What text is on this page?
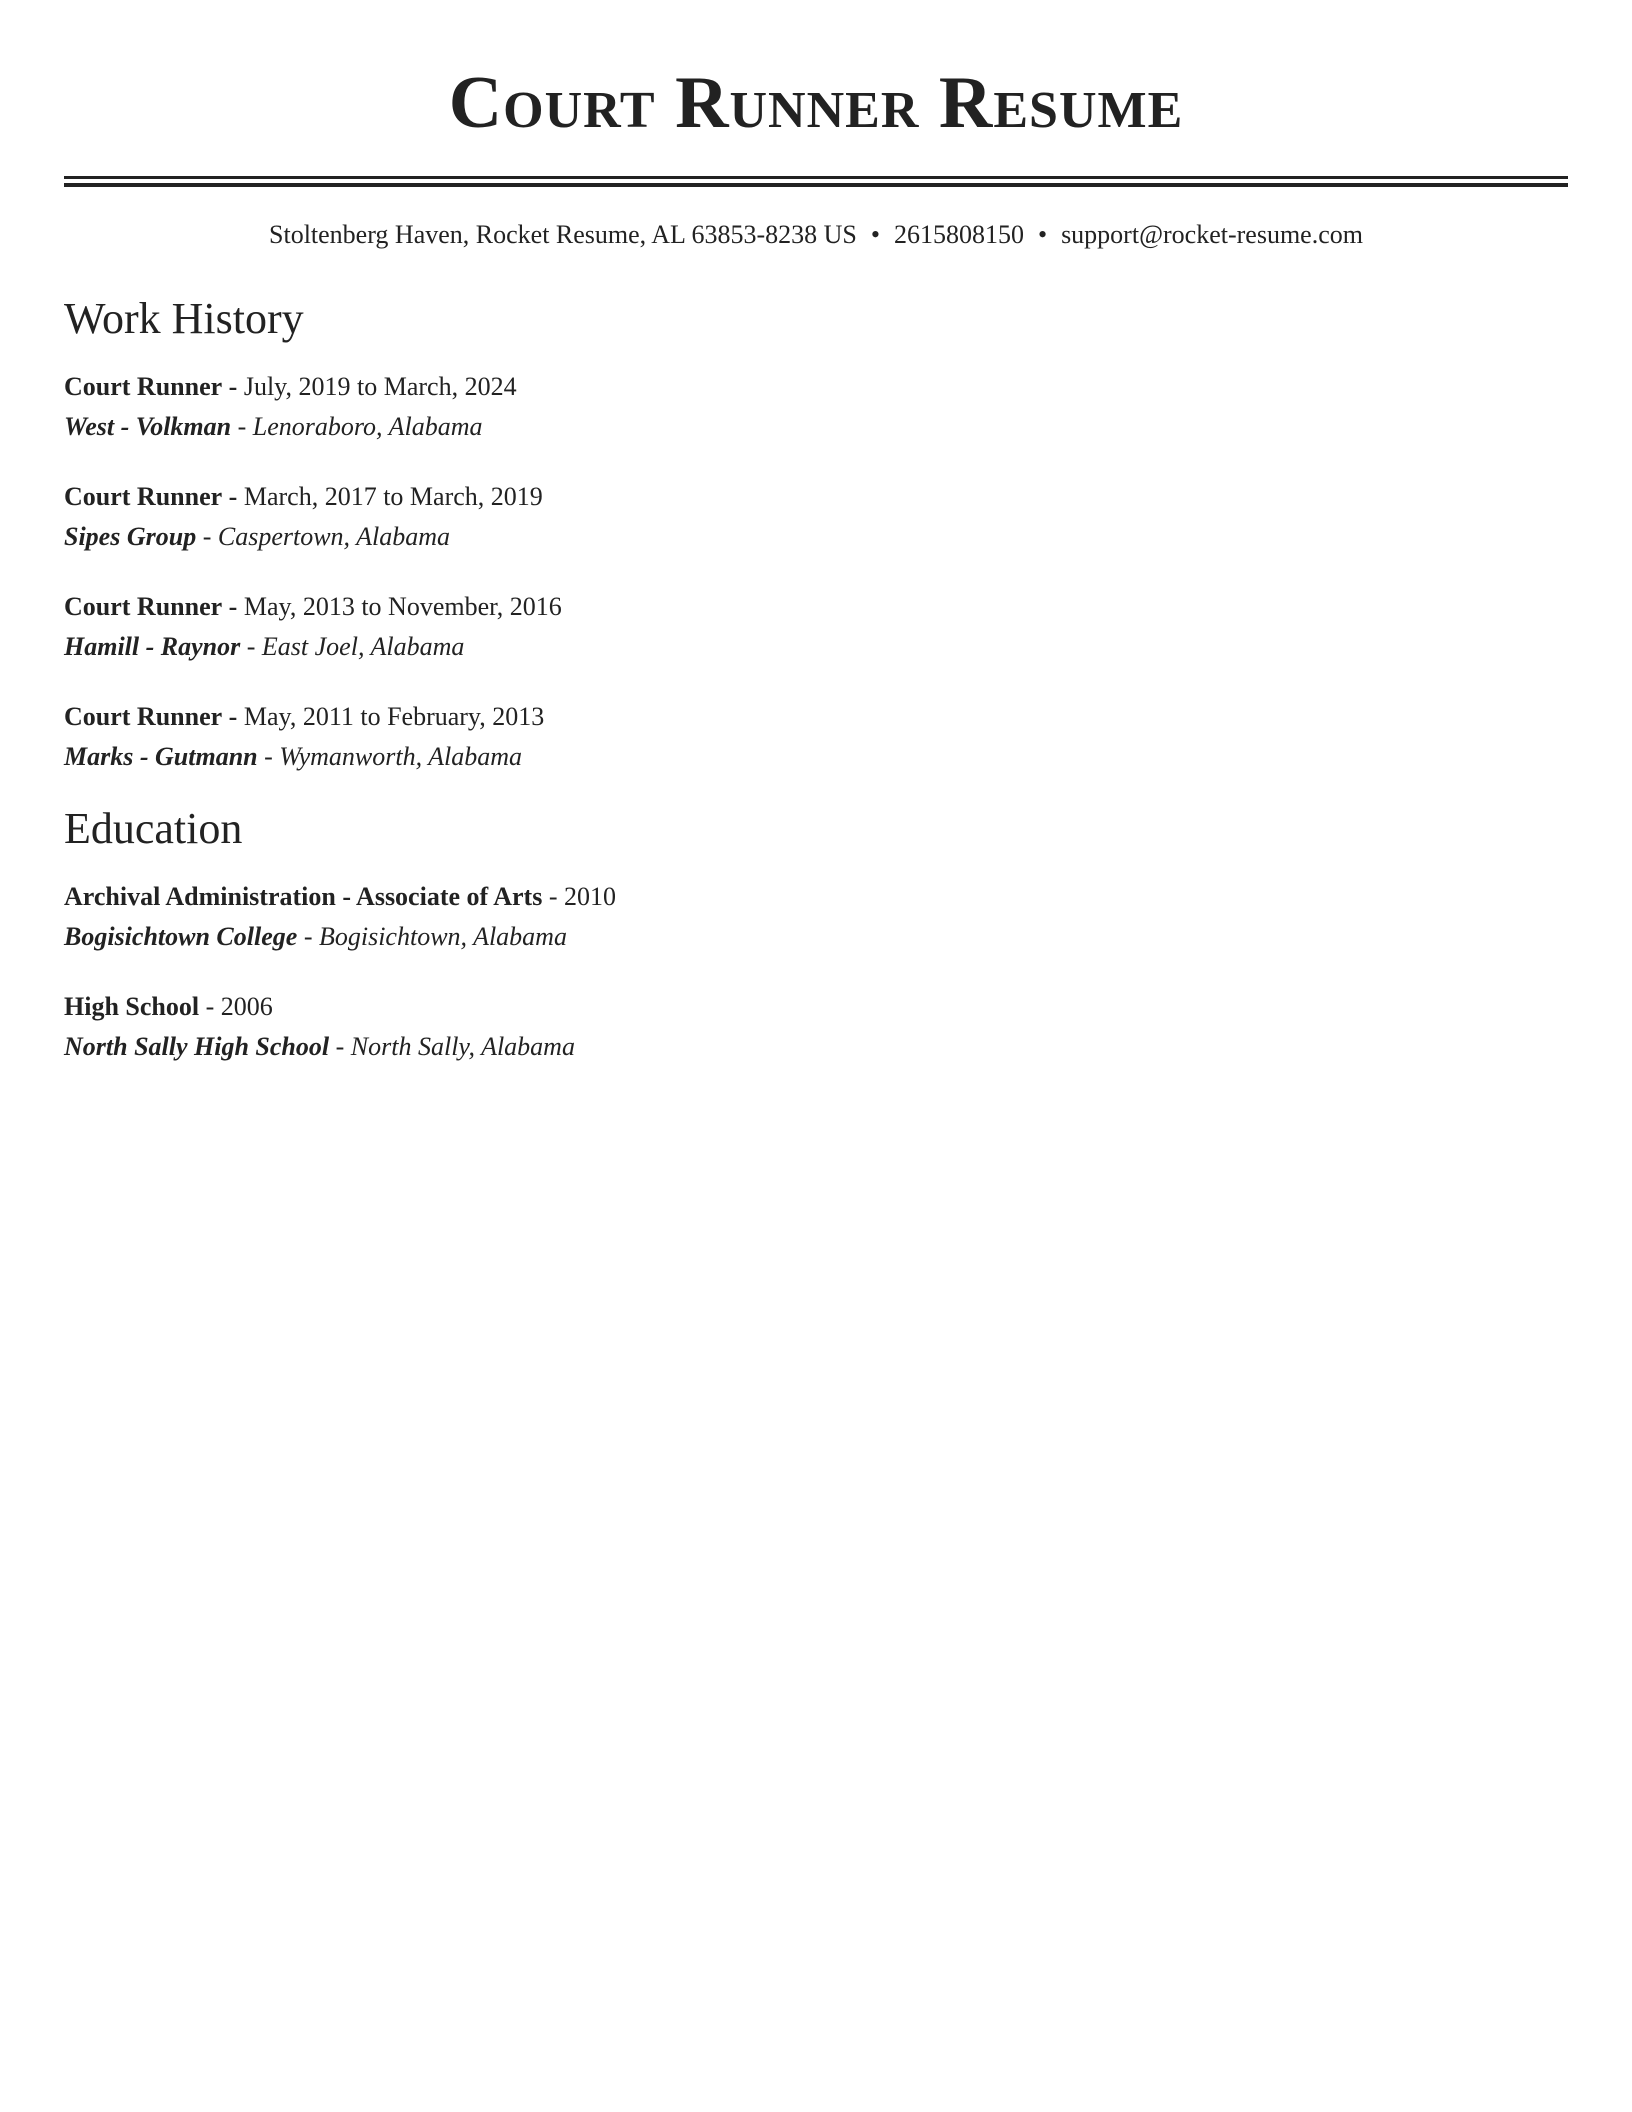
Court Runner Resume
Stoltenberg Haven, Rocket Resume, AL 63853-8238 US • 2615808150 • support@rocket-resume.com
Work History
Court Runner - July, 2019 to March, 2024
West - Volkman - Lenoraboro, Alabama
Court Runner - March, 2017 to March, 2019
Sipes Group - Caspertown, Alabama
Court Runner - May, 2013 to November, 2016
Hamill - Raynor - East Joel, Alabama
Court Runner - May, 2011 to February, 2013
Marks - Gutmann - Wymanworth, Alabama
Education
Archival Administration - Associate of Arts - 2010
Bogisichtown College - Bogisichtown, Alabama
High School - 2006
North Sally High School - North Sally, Alabama
